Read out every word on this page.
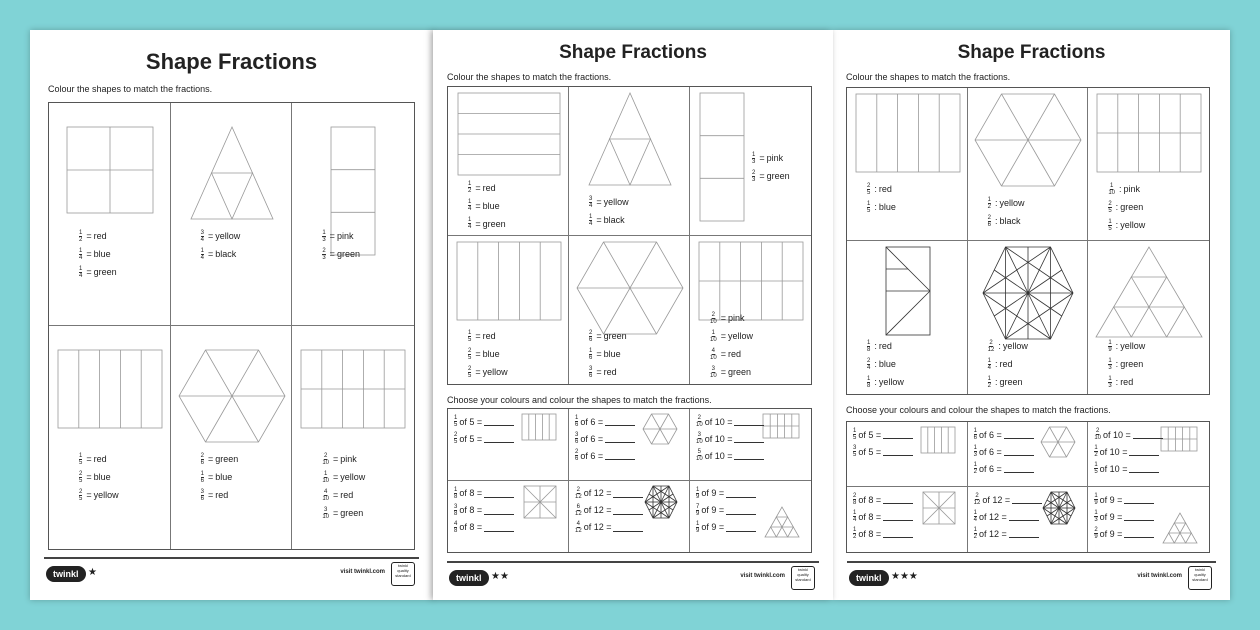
Shape Fractions
Colour the shapes to match the fractions.
$\frac{1}{2}$ = red
$\frac{1}{4}$ = blue
$\frac{1}{4}$ = green
$\frac{3}{4}$ = yellow
$\frac{1}{4}$ = black
$\frac{1}{3}$ = pink
$\frac{2}{3}$ = green
$\frac{1}{5}$ = red
$\frac{2}{5}$ = blue
$\frac{2}{5}$ = yellow
$\frac{2}{6}$ = green
$\frac{1}{6}$ = blue
$\frac{3}{6}$ = red
$\frac{2}{10}$ = pink
$\frac{1}{10}$ = yellow
$\frac{4}{10}$ = red
$\frac{3}{10}$ = green
twinkl ★	visit twinkl.com
twinkl quality standard
Shape Fractions
Colour the shapes to match the fractions.
$\frac{1}{2}$ = red
$\frac{1}{4}$ = blue
$\frac{1}{4}$ = green
$\frac{3}{4}$ = yellow
$\frac{1}{4}$ = black
$\frac{1}{3}$ = pink
$\frac{2}{3}$ = green
$\frac{1}{5}$ = red
$\frac{2}{5}$ = blue
$\frac{2}{5}$ = yellow
$\frac{2}{6}$ = green
$\frac{1}{6}$ = blue
$\frac{3}{6}$ = red
$\frac{2}{10}$ = pink
$\frac{1}{10}$ = yellow
$\frac{4}{10}$ = red
$\frac{3}{10}$ = green
Choose your colours and colour the shapes to match the fractions.
$\frac{1}{5}$ of 5 =
$\frac{2}{5}$ of 5 =
$\frac{1}{6}$ of 6 =
$\frac{3}{6}$ of 6 =
$\frac{2}{6}$ of 6 =
$\frac{2}{10}$ of 10 =
$\frac{3}{10}$ of 10 =
$\frac{5}{10}$ of 10 =
$\frac{1}{8}$ of 8 =
$\frac{3}{8}$ of 8 =
$\frac{4}{8}$ of 8 =
$\frac{2}{12}$ of 12 =
$\frac{6}{12}$ of 12 =
$\frac{4}{12}$ of 12 =
$\frac{1}{9}$ of 9 =
$\frac{7}{9}$ of 9 =
$\frac{1}{9}$ of 9 =
twinkl ★★	visit twinkl.com
twinkl quality standard
Shape Fractions
Colour the shapes to match the fractions.
$\frac{2}{5}$ : red
$\frac{1}{5}$ : blue	$\frac{1}{2}$ : yellow
$\frac{2}{6}$ : black
$\frac{1}{10}$ : pink
$\frac{2}{5}$ : green
$\frac{1}{5}$ : yellow
$\frac{1}{8}$ : red
$\frac{2}{4}$ : blue
$\frac{1}{8}$ : yellow
$\frac{2}{12}$ : yellow
$\frac{1}{4}$ : red
$\frac{1}{2}$ : green
$\frac{1}{9}$ : yellow
$\frac{1}{3}$ : green
$\frac{1}{3}$ : red
Choose your colours and colour the shapes to match the fractions.
$\frac{1}{5}$ of 5 =
$\frac{3}{5}$ of 5 =
$\frac{1}{6}$ of 6 =
$\frac{1}{3}$ of 6 =
$\frac{1}{2}$ of 6 =
$\frac{2}{10}$ of 10 =
$\frac{1}{2}$ of 10 =
$\frac{1}{5}$ of 10 =
$\frac{2}{8}$ of 8 =
$\frac{1}{4}$ of 8 =
$\frac{1}{2}$ of 8 =
$\frac{2}{12}$ of 12 =
$\frac{1}{4}$ of 12 =
$\frac{1}{2}$ of 12 =
$\frac{1}{9}$ of 9 =
$\frac{1}{3}$ of 9 =
$\frac{2}{9}$ of 9 =
twinkl ★★★	visit twinkl.com
twinkl quality standard
